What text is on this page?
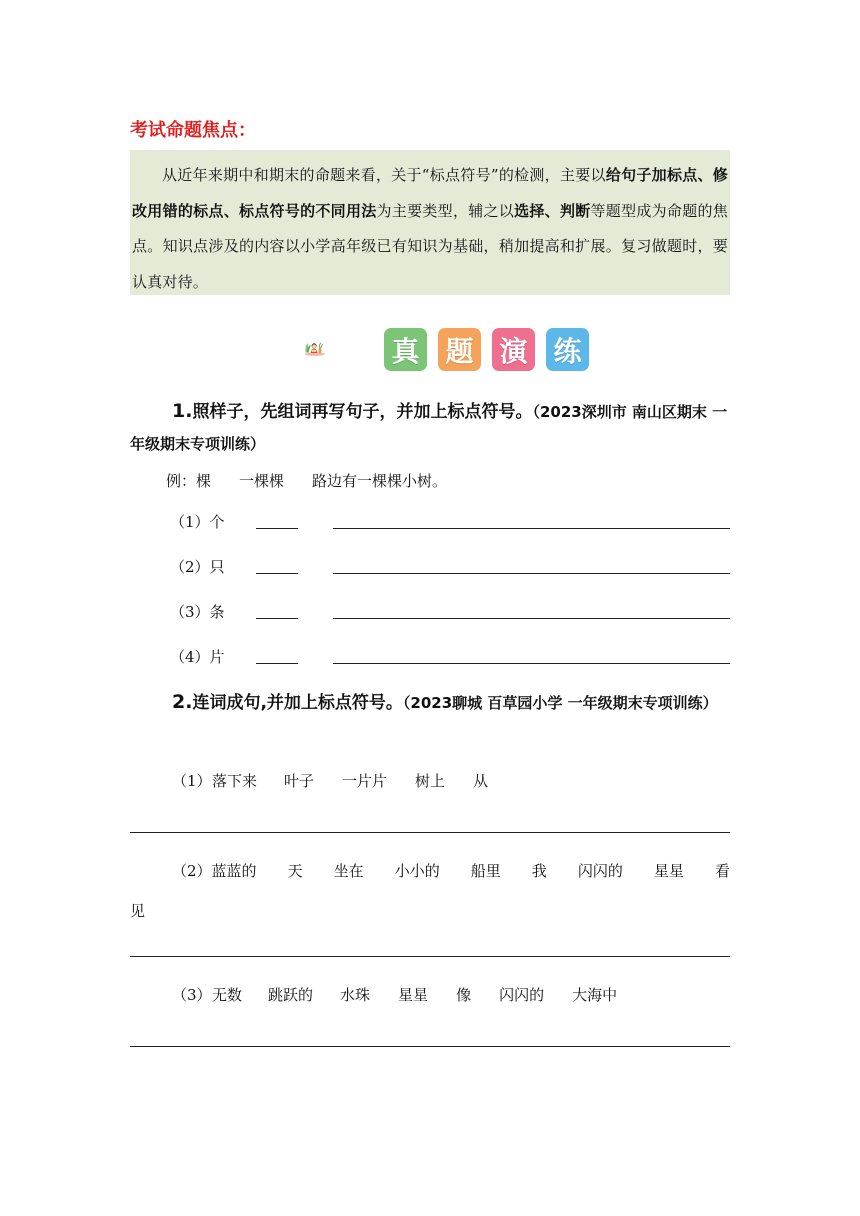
考试命题焦点：
从近年来期中和期末的命题来看，关于“标点符号”的检测，主要以给句子加标点、修改用错的标点、标点符号的不同用法为主要类型，辅之以选择、判断等题型成为命题的焦点。知识点涉及的内容以小学高年级已有知识为基础，稍加提高和扩展。复习做题时，要认真对待。
真 题 演 练
1.照样子，先组词再写句子，并加上标点符号。（2023深圳市 南山区期末 一年级期末专项训练）
例：棵 一棵棵 路边有一棵棵小树。
（1）个
（2）只
（3）条
（4）片
2.连词成句,并加上标点符号。（2023聊城 百草园小学 一年级期末专项训练）
（1） 落下来 叶子 一片片 树上 从
（2）蓝蓝的 天 坐在 小小的 船里 我 闪闪的 星星 看
见
（3） 无数 跳跃的 水珠 星星 像 闪闪的 大海中
